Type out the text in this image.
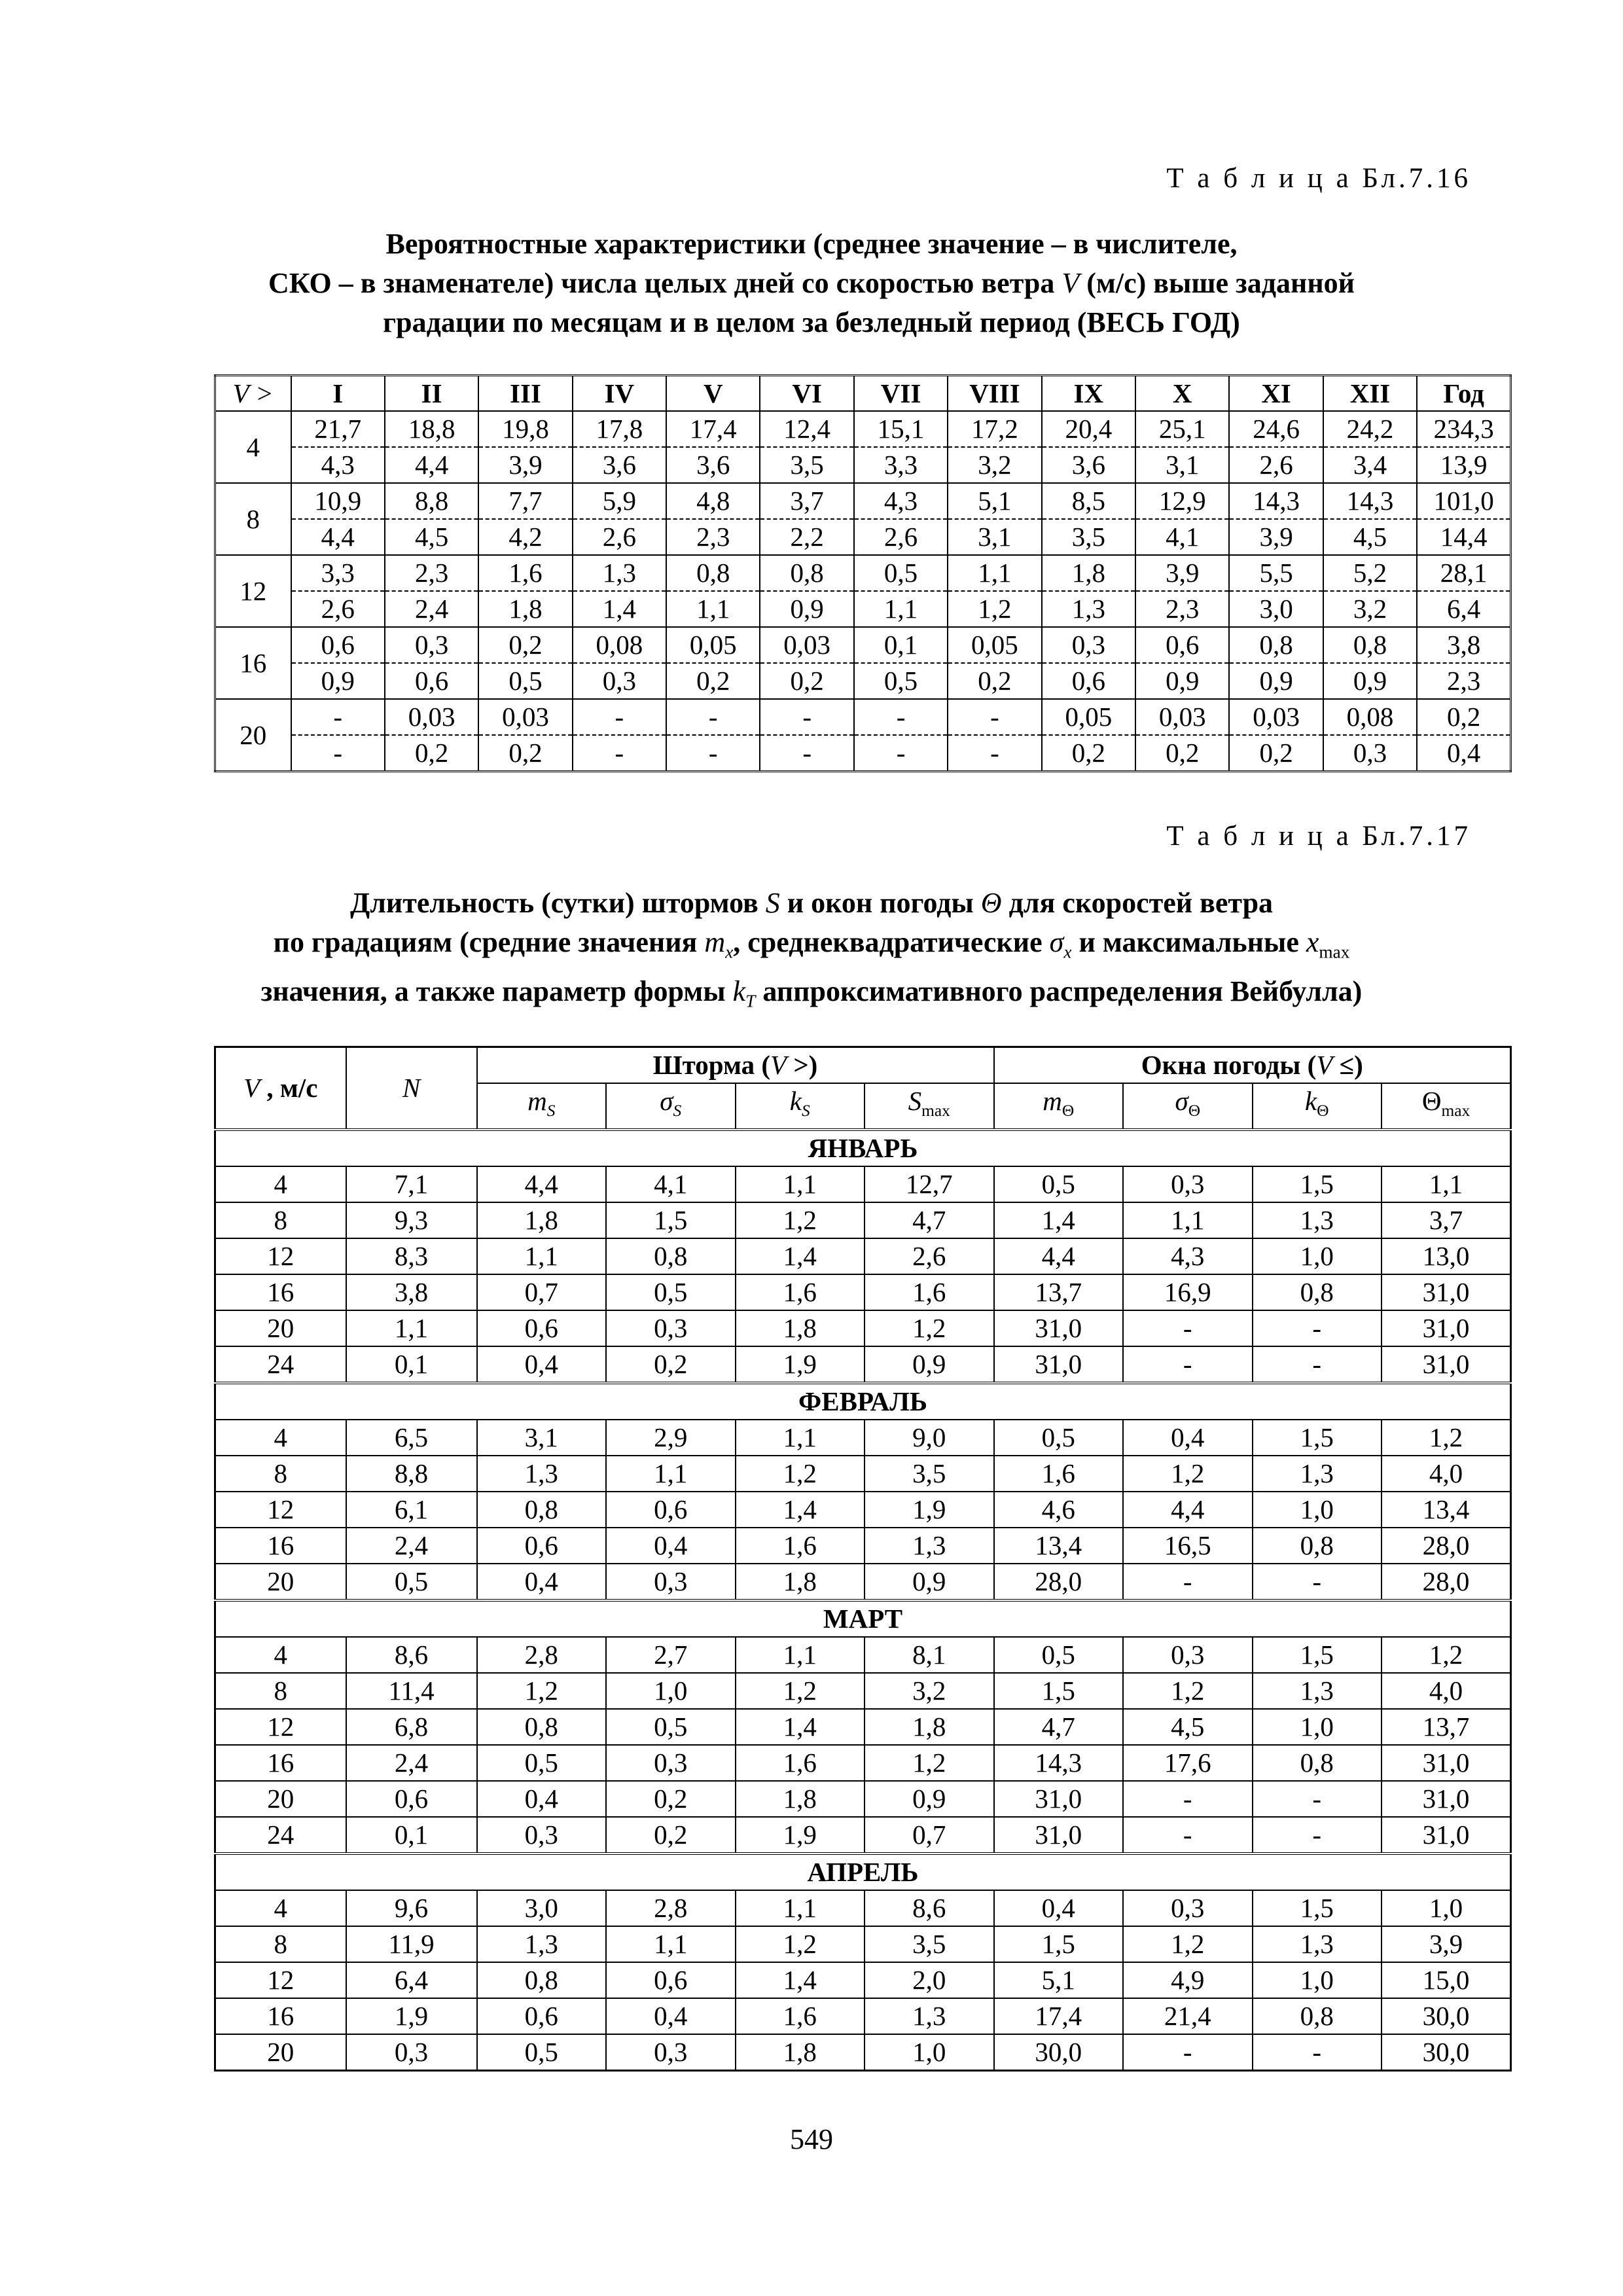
Т а б л и ц а Бл.7.16
Вероятностные характеристики (среднее значение – в числителе,
СКО – в знаменателе) числа целых дней со скоростью ветра V (м/с) выше заданной
градации по месяцам и в целом за безледный период (ВЕСЬ ГОД)
V >	I	II	III	IV	V	VI	VII	VIII	IX	X	XI	XII	Год
4	21,7	18,8	19,8	17,8	17,4	12,4	15,1	17,2	20,4	25,1	24,6	24,2	234,3
	4,3	4,4	3,9	3,6	3,6	3,5	3,3	3,2	3,6	3,1	2,6	3,4	13,9
8	10,9	8,8	7,7	5,9	4,8	3,7	4,3	5,1	8,5	12,9	14,3	14,3	101,0
	4,4	4,5	4,2	2,6	2,3	2,2	2,6	3,1	3,5	4,1	3,9	4,5	14,4
12	3,3	2,3	1,6	1,3	0,8	0,8	0,5	1,1	1,8	3,9	5,5	5,2	28,1
	2,6	2,4	1,8	1,4	1,1	0,9	1,1	1,2	1,3	2,3	3,0	3,2	6,4
16	0,6	0,3	0,2	0,08	0,05	0,03	0,1	0,05	0,3	0,6	0,8	0,8	3,8
	0,9	0,6	0,5	0,3	0,2	0,2	0,5	0,2	0,6	0,9	0,9	0,9	2,3
20	-	0,03	0,03	-	-	-	-	-	0,05	0,03	0,03	0,08	0,2
	-	0,2	0,2	-	-	-	-	-	0,2	0,2	0,2	0,3	0,4
Т а б л и ц а Бл.7.17
Длительность (сутки) штормов S и окон погоды Θ для скоростей ветра
по градациям (средние значения $m_x$, среднеквадратические $\sigma_x$ и максимальные $x_{max}$
значения, а также параметр формы $k_T$ аппроксимативного распределения Вейбулла)
V , м/с	N	Шторма (V >)				Окна погоды (V ≤)			
		$m_S$	$\sigma_S$	$k_S$	$S_{max}$	$m_\Theta$	$\sigma_\Theta$	$k_\Theta$	$\Theta_{max}$
ЯНВАРЬ									
4	7,1	4,4	4,1	1,1	12,7	0,5	0,3	1,5	1,1
8	9,3	1,8	1,5	1,2	4,7	1,4	1,1	1,3	3,7
12	8,3	1,1	0,8	1,4	2,6	4,4	4,3	1,0	13,0
16	3,8	0,7	0,5	1,6	1,6	13,7	16,9	0,8	31,0
20	1,1	0,6	0,3	1,8	1,2	31,0	-	-	31,0
24	0,1	0,4	0,2	1,9	0,9	31,0	-	-	31,0
ФЕВРАЛЬ									
4	6,5	3,1	2,9	1,1	9,0	0,5	0,4	1,5	1,2
8	8,8	1,3	1,1	1,2	3,5	1,6	1,2	1,3	4,0
12	6,1	0,8	0,6	1,4	1,9	4,6	4,4	1,0	13,4
16	2,4	0,6	0,4	1,6	1,3	13,4	16,5	0,8	28,0
20	0,5	0,4	0,3	1,8	0,9	28,0	-	-	28,0
МАРТ									
4	8,6	2,8	2,7	1,1	8,1	0,5	0,3	1,5	1,2
8	11,4	1,2	1,0	1,2	3,2	1,5	1,2	1,3	4,0
12	6,8	0,8	0,5	1,4	1,8	4,7	4,5	1,0	13,7
16	2,4	0,5	0,3	1,6	1,2	14,3	17,6	0,8	31,0
20	0,6	0,4	0,2	1,8	0,9	31,0	-	-	31,0
24	0,1	0,3	0,2	1,9	0,7	31,0	-	-	31,0
АПРЕЛЬ									
4	9,6	3,0	2,8	1,1	8,6	0,4	0,3	1,5	1,0
8	11,9	1,3	1,1	1,2	3,5	1,5	1,2	1,3	3,9
12	6,4	0,8	0,6	1,4	2,0	5,1	4,9	1,0	15,0
16	1,9	0,6	0,4	1,6	1,3	17,4	21,4	0,8	30,0
20	0,3	0,5	0,3	1,8	1,0	30,0	-	-	30,0
549
